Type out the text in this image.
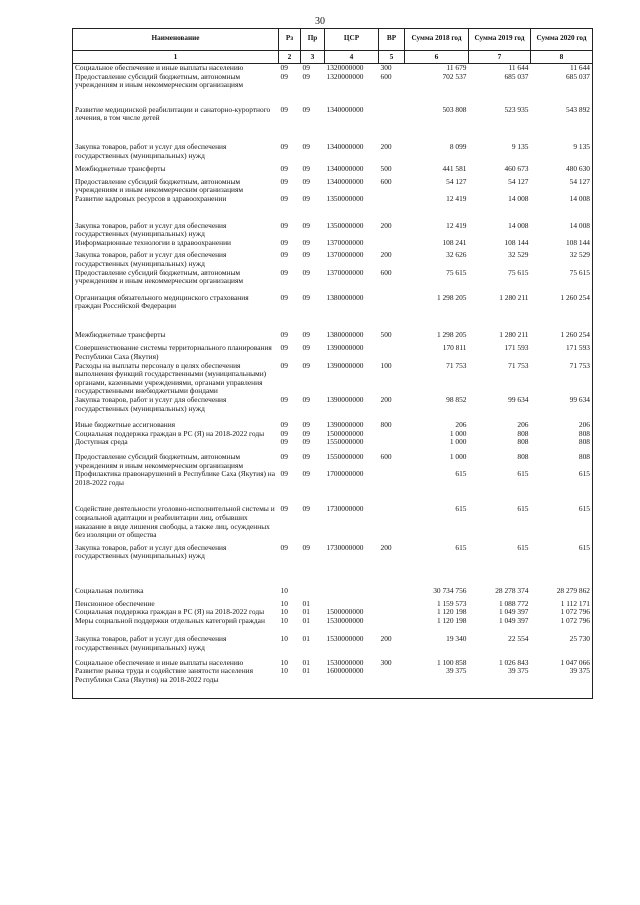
30
Наименование	Рз	Пр	ЦСР	ВР	Сумма 2018 год	Сумма 2019 год	Сумма 2020 год
1	2	3	4	5	6	7	8
Социальное обеспечение и иные выплаты населению	09	09	1320000000	300	11 679	11 644	11 644
Предоставление субсидий бюджетным, автономным учреждениям и иным некоммерческим организациям	09	09	1320000000	600	702 537	685 037	685 037
Развитие медицинской реабилитации и санаторно-курортного лечения, в том числе детей	09	09	1340000000		503 808	523 935	543 892
Закупка товаров, работ и услуг для обеспечения государственных (муниципальных) нужд	09	09	1340000000	200	8 099	9 135	9 135
Межбюджетные трансферты	09	09	1340000000	500	441 581	460 673	480 630
Предоставление субсидий бюджетным, автономным учреждениям и иным некоммерческим организациям	09	09	1340000000	600	54 127	54 127	54 127
Развитие кадровых ресурсов в здравоохранении	09	09	1350000000		12 419	14 008	14 008
Закупка товаров, работ и услуг для обеспечения государственных (муниципальных) нужд	09	09	1350000000	200	12 419	14 008	14 008
Информационные технологии в здравоохранении	09	09	1370000000		108 241	108 144	108 144
Закупка товаров, работ и услуг для обеспечения государственных (муниципальных) нужд	09	09	1370000000	200	32 626	32 529	32 529
Предоставление субсидий бюджетным, автономным учреждениям и иным некоммерческим организациям	09	09	1370000000	600	75 615	75 615	75 615
Организация обязательного медицинского страхования граждан Российской Федерации	09	09	1380000000		1 298 205	1 280 211	1 260 254
Межбюджетные трансферты	09	09	1380000000	500	1 298 205	1 280 211	1 260 254
Совершенствование системы территориального планирования Республики Саха (Якутия)	09	09	1390000000		170 811	171 593	171 593
Расходы на выплаты персоналу в целях обеспечения выполнения функций государственными (муниципальными) органами, казенными учреждениями, органами управления государственными внебюджетными фондами	09	09	1390000000	100	71 753	71 753	71 753
Закупка товаров, работ и услуг для обеспечения государственных (муниципальных) нужд	09	09	1390000000	200	98 852	99 634	99 634
Иные бюджетные ассигнования	09	09	1390000000	800	206	206	206
Социальная поддержка граждан в РС (Я) на 2018-2022 годы	09	09	1500000000		1 000	808	808
Доступная среда	09	09	1550000000		1 000	808	808
Предоставление субсидий бюджетным, автономным учреждениям и иным некоммерческим организациям	09	09	1550000000	600	1 000	808	808
Профилактика правонарушений в Республике Саха (Якутия) на 2018-2022 годы	09	09	1700000000		615	615	615
Содействие деятельности уголовно-исполнительной системы и социальной адаптации и реабилитации лиц, отбывших наказание в виде лишения свободы, а также лиц, осужденных без изоляции от общества	09	09	1730000000		615	615	615
Закупка товаров, работ и услуг для обеспечения государственных (муниципальных) нужд	09	09	1730000000	200	615	615	615
Социальная политика	10				30 734 756	28 278 374	28 279 862
Пенсионное обеспечение	10	01			1 159 573	1 088 772	1 112 171
Социальная поддержка граждан в РС (Я) на 2018-2022 годы	10	01	1500000000		1 120 198	1 049 397	1 072 796
Меры социальной поддержки отдельных категорий граждан	10	01	1530000000		1 120 198	1 049 397	1 072 796
Закупка товаров, работ и услуг для обеспечения государственных (муниципальных) нужд	10	01	1530000000	200	19 340	22 554	25 730
Социальное обеспечение и иные выплаты населению	10	01	1530000000	300	1 100 858	1 026 843	1 047 066
Развитие рынка труда и содействие занятости населения Республики Саха (Якутия) на 2018-2022 годы	10	01	1600000000		39 375	39 375	39 375
